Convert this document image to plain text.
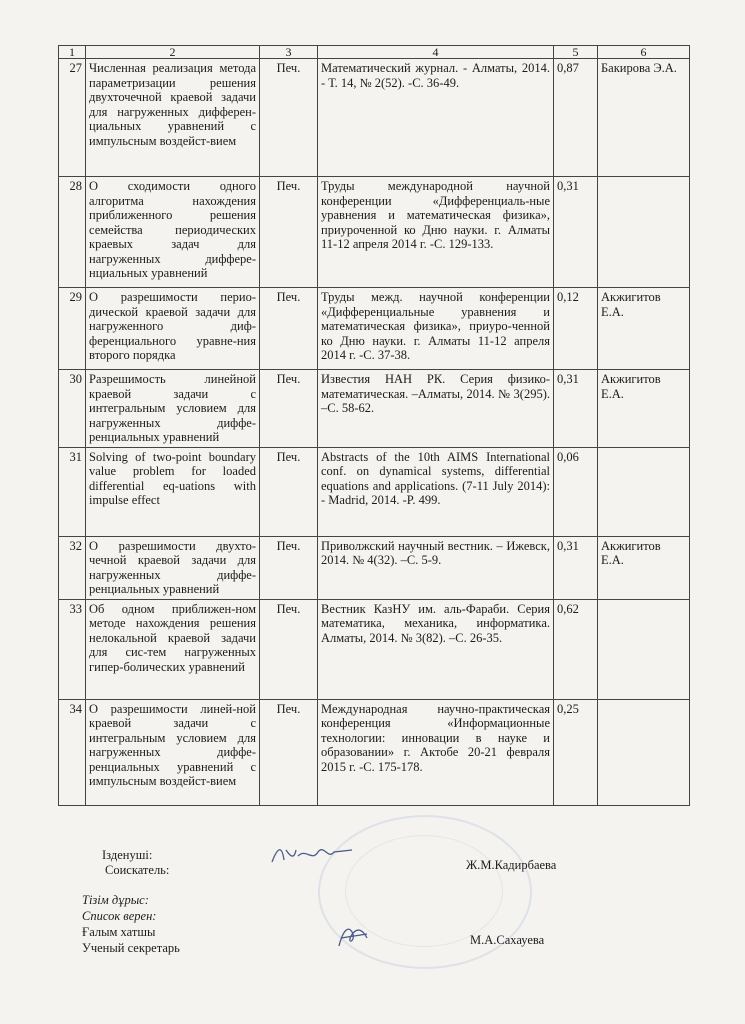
1	2	3	4	5	6
27	Численная реализация метода параметризации решения двухточечной краевой задачи для нагруженных дифферен-циальных уравнений с импульсным воздейст-вием	Печ.	Математический журнал. - Алматы, 2014. - Т. 14, № 2(52). -С. 36-49.	0,87	Бакирова Э.А.
28	О сходимости одного алгоритма нахождения приближенного решения семейства периодических краевых задач для нагруженных диффере-нциальных уравнений	Печ.	Труды международной научной конференции «Дифференциаль-ные уравнения и математическая физика», приуроченной ко Дню науки. г. Алматы 11-12 апреля 2014 г. -С. 129-133.	0,31	
29	О разрешимости перио-дической краевой задачи для нагруженного диф-ференциального уравне-ния второго порядка	Печ.	Труды межд. научной конференции «Дифференциальные уравнения и математическая физика», приуро-ченной ко Дню науки. г. Алматы 11-12 апреля 2014 г. -С. 37-38.	0,12	Акжигитов Е.А.
30	Разрешимость линейной краевой задачи с интегральным условием для нагруженных диффе-ренциальных уравнений	Печ.	Известия НАН РК. Серия физико-математическая. –Алматы, 2014. № 3(295). –С. 58-62.	0,31	Акжигитов Е.А.
31	Solving of two-point boundary value problem for loaded differential eq-uations with impulse effect	Печ.	Abstracts of the 10th AIMS International conf. on dynamical systems, differential equations and applications. (7-11 July 2014): - Madrid, 2014. -P. 499.	0,06	
32	О разрешимости двухто-чечной краевой задачи для нагруженных диффе-ренциальных уравнений	Печ.	Приволжский научный вестник. – Ижевск, 2014. № 4(32). –С. 5-9.	0,31	Акжигитов Е.А.
33	Об одном приближен-ном методе нахождения решения нелокальной краевой задачи для сис-тем нагруженных гипер-болических уравнений	Печ.	Вестник КазНУ им. аль-Фараби. Серия математика, механика, информатика. Алматы, 2014. № 3(82). –С. 26-35.	0,62	
34	О разрешимости линей-ной краевой задачи с интегральным условием для нагруженных диффе-ренциальных уравнений с импульсным воздейст-вием	Печ.	Международная научно-практическая конференция «Информационные технологии: инновации в науке и образовании» г. Актобе 20-21 февраля 2015 г. -С. 175-178.	0,25	
Ізденуші:
Соискатель:	Ж.М.Кадирбаева
Тізім дұрыс:
Список верен:
Ғалым хатшы
Ученый секретарь
М.А.Сахауева
